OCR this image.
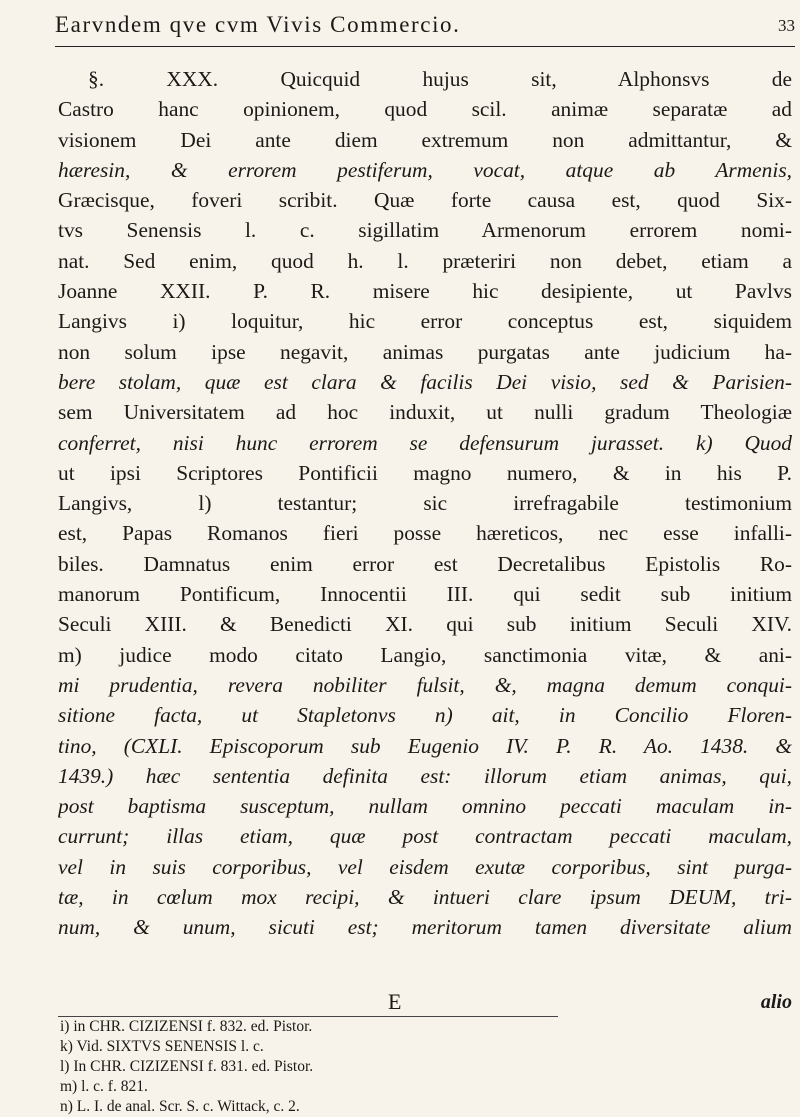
Earvndem qve cvm Vivis Commercio.	33
§. XXX. Quicquid hujus sit, Alphonsvs de
Castro hanc opinionem, quod scil. animæ separatæ ad
visionem Dei ante diem extremum non admittantur, &
hæresin, & errorem pestiferum, vocat, atque ab Armenis,
Græcisque, foveri scribit. Quæ forte causa est, quod Six-
tvs Senensis l. c. sigillatim Armenorum errorem nomi-
nat. Sed enim, quod h. l. præteriri non debet, etiam a
Joanne XXII. P. R. misere hic desipiente, ut Pavlvs
Langivs i) loquitur, hic error conceptus est, siquidem
non solum ipse negavit, animas purgatas ante judicium ha-
bere stolam, quæ est clara & facilis Dei visio, sed & Parisien-
sem Universitatem ad hoc induxit, ut nulli gradum Theologiæ
conferret, nisi hunc errorem se defensurum jurasset. k) Quod
ut ipsi Scriptores Pontificii magno numero, & in his P.
Langivs, l) testantur; sic irrefragabile testimonium
est, Papas Romanos fieri posse hæreticos, nec esse infalli-
biles. Damnatus enim error est Decretalibus Epistolis Ro-
manorum Pontificum, Innocentii III. qui sedit sub initium
Seculi XIII. & Benedicti XI. qui sub initium Seculi XIV.
m) judice modo citato Langio, sanctimonia vitæ, & ani-
mi prudentia, revera nobiliter fulsit, &, magna demum conqui-
sitione facta, ut Stapletonvs n) ait, in Concilio Floren-
tino, (CXLI. Episcoporum sub Eugenio IV. P. R. Ao. 1438. &
1439.) hæc sententia definita est: illorum etiam animas, qui,
post baptisma susceptum, nullam omnino peccati maculam in-
currunt; illas etiam, quæ post contractam peccati maculam,
vel in suis corporibus, vel eisdem exutæ corporibus, sint purga-
tæ, in cœlum mox recipi, & intueri clare ipsum DEUM, tri-
num, & unum, sicuti est; meritorum tamen diversitate alium
E	alio
i) in CHR. CIZIZENSI f. 832. ed. Pistor.
k) Vid. SIXTVS SENENSIS l. c.
l) In CHR. CIZIZENSI f. 831. ed. Pistor.
m) l. c. f. 821.
n) L. I. de anal. Scr. S. c. Wittack, c. 2.
